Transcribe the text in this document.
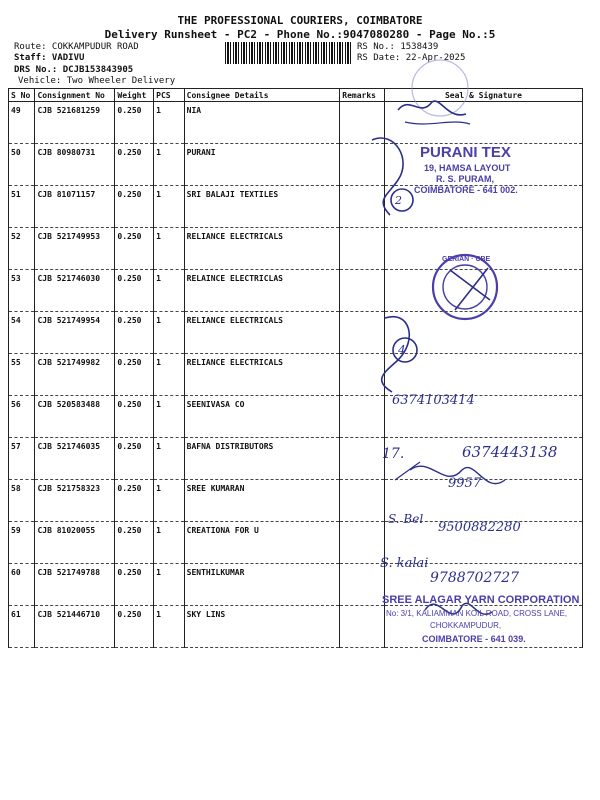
THE PROFESSIONAL COURIERS, COIMBATORE
Delivery Runsheet - PC2 - Phone No.:9047080280 - Page No.:5
Route: COKKAMPUDUR ROAD
Staff: VADIVU
DRS No.: DCJB153843905
Vehicle: Two Wheeler Delivery
RS No.: 1538439
RS Date: 22-Apr-2025
S No	Consignment No	Weight	PCS	Consignee Details	Remarks	Seal & Signature
49	CJB 521681259	0.250	1	NIA		
50	CJB 80980731	0.250	1	PURANI		
51	CJB 81071157	0.250	1	SRI BALAJI TEXTILES		
52	CJB 521749953	0.250	1	RELIANCE ELECTRICALS		
53	CJB 521746030	0.250	1	RELAINCE ELECTRICLAS		
54	CJB 521749954	0.250	1	RELIANCE ELECTRICALS		
55	CJB 521749982	0.250	1	RELIANCE ELECTRICALS		
56	CJB 520583488	0.250	1	SEENIVASA CO		
57	CJB 521746035	0.250	1	BAFNA DISTRIBUTORS		
58	CJB 521758323	0.250	1	SREE KUMARAN		
59	CJB 81020055	0.250	1	CREATIONA FOR U		
60	CJB 521749788	0.250	1	SENTHILKUMAR		
61	CJB 521446710	0.250	1	SKY LINS		
PURANI TEX
19, HAMSA LAYOUT
R. S. PURAM,
COIMBATORE - 641 002.
GERIAN · CBE
2
4
6374103414
17.	6374443138
9957
S. Bel
9500882280
S. kalai
9788702727
SREE ALAGAR YARN CORPORATION
No: 3/1, KALIAMMAN KOIL ROAD, CROSS LANE,
CHOKKAMPUDUR,
COIMBATORE - 641 039.
